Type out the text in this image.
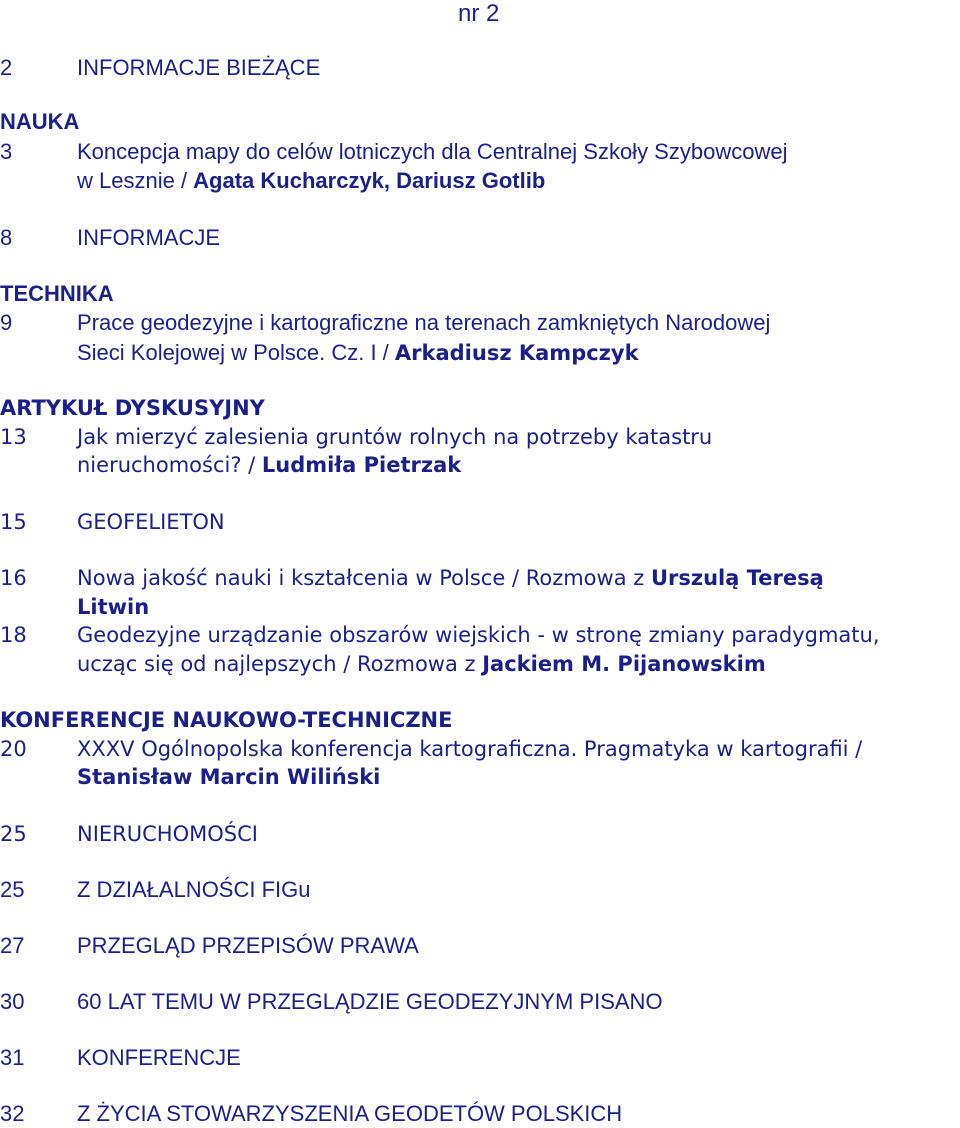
nr 2
2	INFORMACJE BIEŻĄCE
NAUKA
3	Koncepcja mapy do celów lotniczych dla Centralnej Szkoły Szybowcowej
w Lesznie / Agata Kucharczyk, Dariusz Gotlib
8	INFORMACJE
TECHNIKA
9	Prace geodezyjne i kartograficzne na terenach zamkniętych Narodowej
Sieci Kolejowej w Polsce. Cz. I / Arkadiusz Kampczyk
ARTYKUŁ DYSKUSYJNY
13 Jak mierzyć zalesienia gruntów rolnych na potrzeby katastru
nieruchomości? / Ludmiła Pietrzak
15 GEOFELIETON
16 Nowa jakość nauki i kształcenia w Polsce / Rozmowa z Urszulą Teresą
Litwin
18 Geodezyjne urządzanie obszarów wiejskich - w stronę zmiany paradygmatu,
ucząc się od najlepszych / Rozmowa z Jackiem M. Pijanowskim
KONFERENCJE NAUKOWO-TECHNICZNE
20 XXXV Ogólnopolska konferencja kartograficzna. Pragmatyka w kartografii /
Stanisław Marcin Wiliński
25 NIERUCHOMOŚCI
25 Z DZIAŁALNOŚCI FIGu
27 PRZEGLĄD PRZEPISÓW PRAWA
30 60 LAT TEMU W PRZEGLĄDZIE GEODEZYJNYM PISANO
31 KONFERENCJE
32 Z ŻYCIA STOWARZYSZENIA GEODETÓW POLSKICH
